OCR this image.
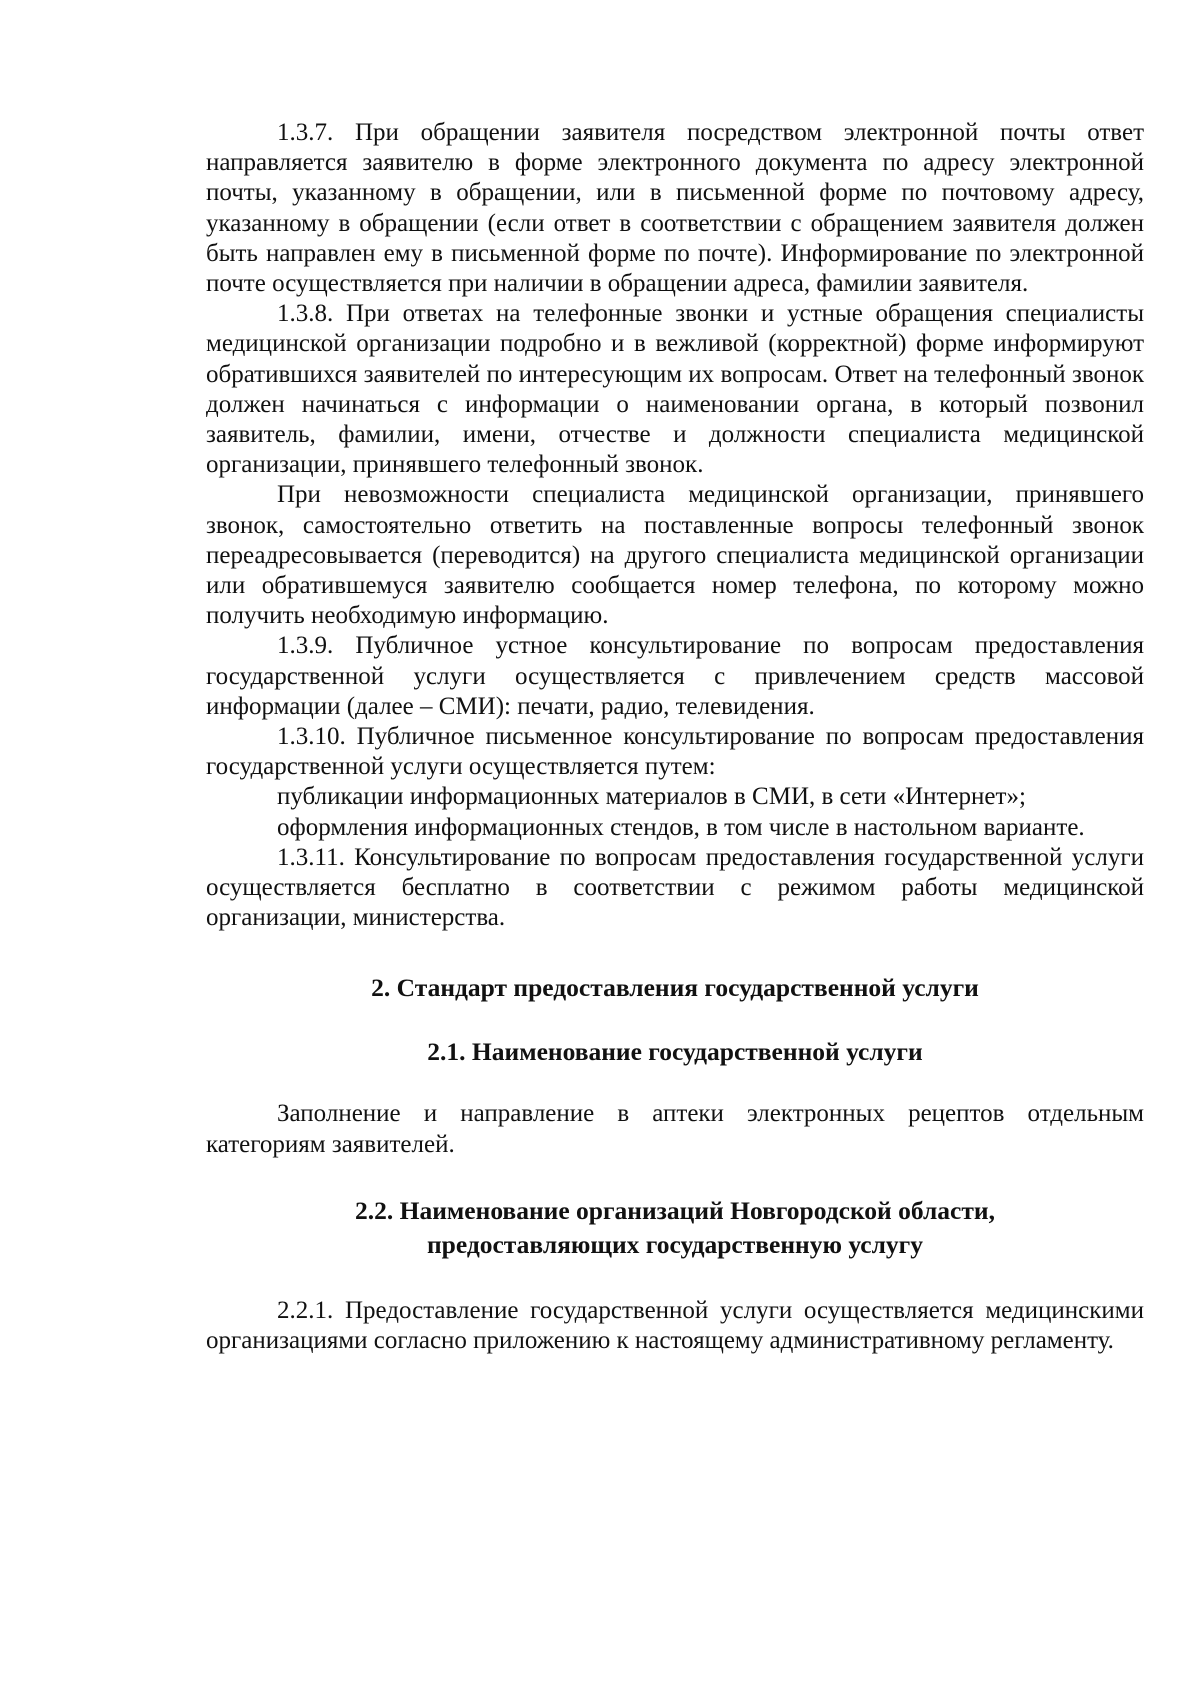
1.3.7. При обращении заявителя посредством электронной почты ответ направляется заявителю в форме электронного документа по адресу электронной почты, указанному в обращении, или в письменной форме по почтовому адресу, указанному в обращении (если ответ в соответствии с обращением заявителя должен быть направлен ему в письменной форме по почте). Информирование по электронной почте осуществляется при наличии в обращении адреса, фамилии заявителя.

1.3.8. При ответах на телефонные звонки и устные обращения специалисты медицинской организации подробно и в вежливой (корректной) форме информируют обратившихся заявителей по интересующим их вопросам. Ответ на телефонный звонок должен начинаться с информации о наименовании органа, в который позвонил заявитель, фамилии, имени, отчестве и должности специалиста медицинской организации, принявшего телефонный звонок.

При невозможности специалиста медицинской организации, принявшего звонок, самостоятельно ответить на поставленные вопросы телефонный звонок переадресовывается (переводится) на другого специалиста медицинской организации или обратившемуся заявителю сообщается номер телефона, по которому можно получить необходимую информацию.

1.3.9. Публичное устное консультирование по вопросам предоставления государственной услуги осуществляется с привлечением средств массовой информации (далее – СМИ): печати, радио, телевидения.

1.3.10. Публичное письменное консультирование по вопросам предоставления государственной услуги осуществляется путем:

публикации информационных материалов в СМИ, в сети «Интернет»;

оформления информационных стендов, в том числе в настольном варианте.

1.3.11. Консультирование по вопросам предоставления государственной услуги осуществляется бесплатно в соответствии с режимом работы медицинской организации, министерства.

2. Стандарт предоставления государственной услуги

2.1. Наименование государственной услуги

Заполнение и направление в аптеки электронных рецептов отдельным категориям заявителей.

2.2. Наименование организаций Новгородской области,

предоставляющих государственную услугу

2.2.1. Предоставление государственной услуги осуществляется медицинскими организациями согласно приложению к настоящему административному регламенту.
